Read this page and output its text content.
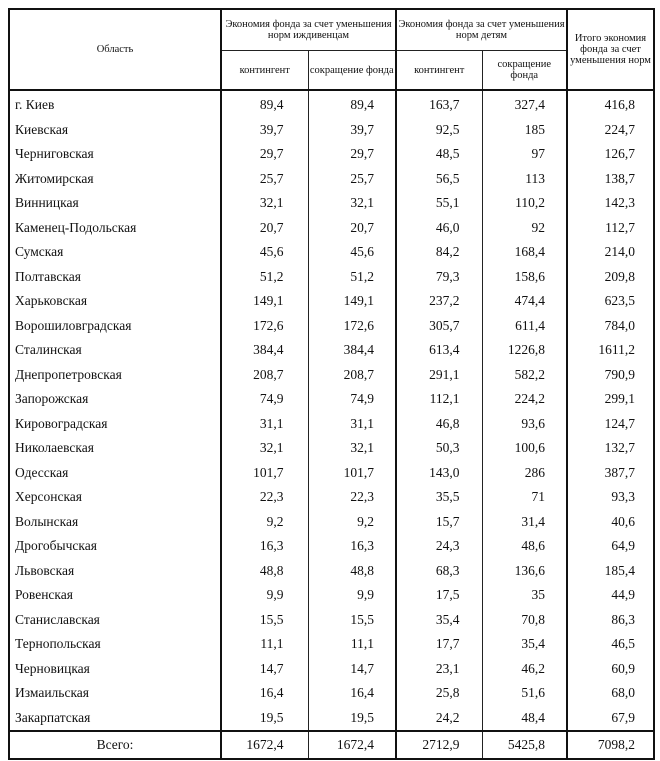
Область	Экономия фонда за счет уменьшения норм иждивенцам		Экономия фонда за счет уменьшения норм детям		Итого экономия фонда за счет уменьшения норм
	контингент	сокращение фонда	контингент	сокращение фонда	
г. Киев	89,4	89,4	163,7	327,4	416,8
Киевская	39,7	39,7	92,5	185	224,7
Черниговская	29,7	29,7	48,5	97	126,7
Житомирская	25,7	25,7	56,5	113	138,7
Винницкая	32,1	32,1	55,1	110,2	142,3
Каменец-Подольская	20,7	20,7	46,0	92	112,7
Сумская	45,6	45,6	84,2	168,4	214,0
Полтавская	51,2	51,2	79,3	158,6	209,8
Харьковская	149,1	149,1	237,2	474,4	623,5
Ворошиловградская	172,6	172,6	305,7	611,4	784,0
Сталинская	384,4	384,4	613,4	1226,8	1611,2
Днепропетровская	208,7	208,7	291,1	582,2	790,9
Запорожская	74,9	74,9	112,1	224,2	299,1
Кировоградская	31,1	31,1	46,8	93,6	124,7
Николаевская	32,1	32,1	50,3	100,6	132,7
Одесская	101,7	101,7	143,0	286	387,7
Херсонская	22,3	22,3	35,5	71	93,3
Волынская	9,2	9,2	15,7	31,4	40,6
Дрогобычская	16,3	16,3	24,3	48,6	64,9
Львовская	48,8	48,8	68,3	136,6	185,4
Ровенская	9,9	9,9	17,5	35	44,9
Станиславская	15,5	15,5	35,4	70,8	86,3
Тернопольская	11,1	11,1	17,7	35,4	46,5
Черновицкая	14,7	14,7	23,1	46,2	60,9
Измаильская	16,4	16,4	25,8	51,6	68,0
Закарпатская	19,5	19,5	24,2	48,4	67,9
Всего:	1672,4	1672,4	2712,9	5425,8	7098,2
